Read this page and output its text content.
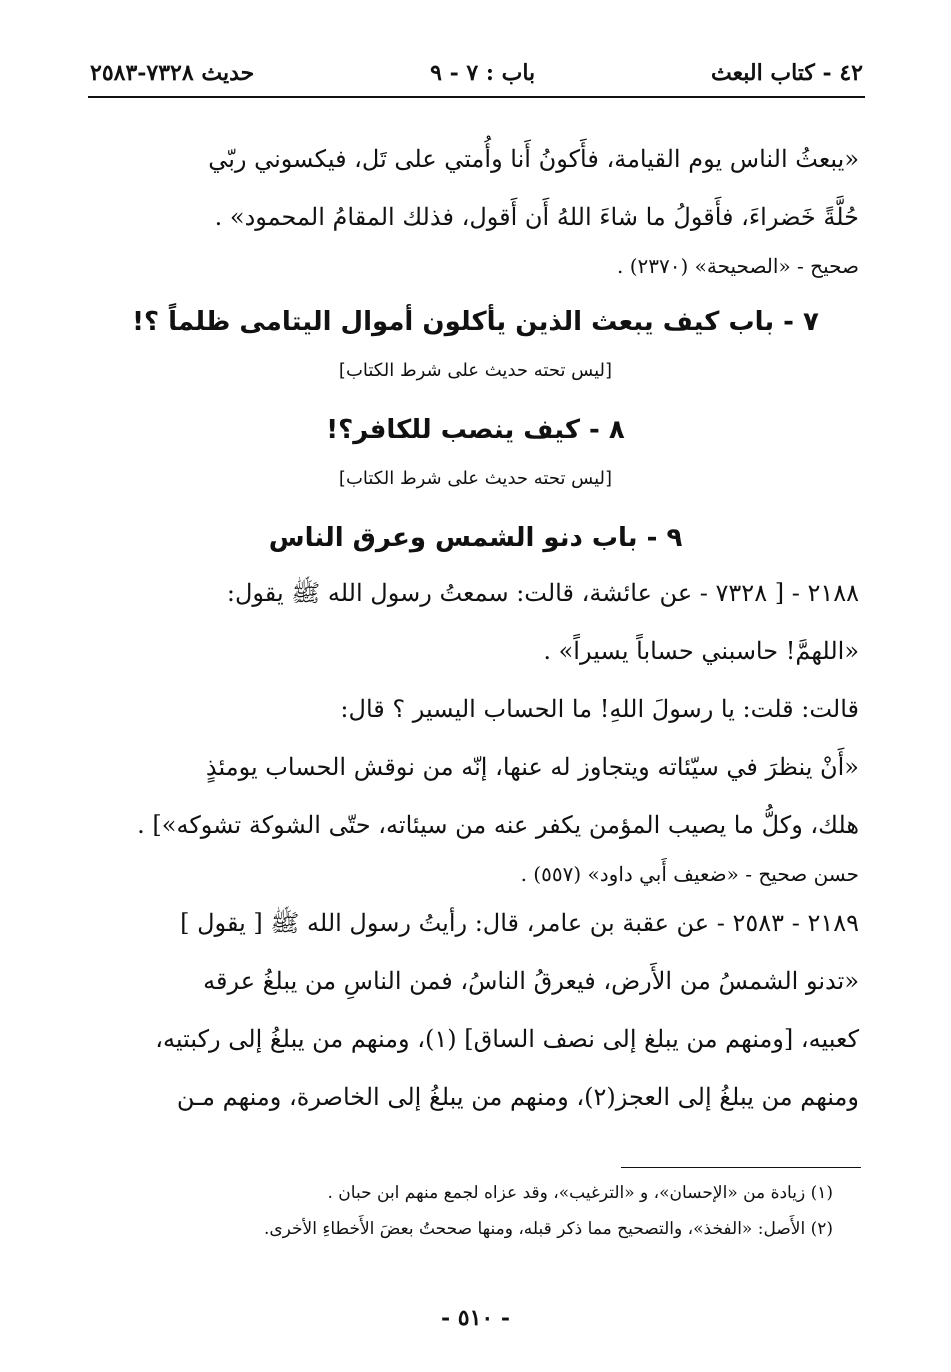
٤٢ - كتاب البعث
باب : ٧ - ٩
حديث ٧٣٢٨-٢٥٨٣

«يبعثُ الناس يوم القيامة، فأَكونُ أَنا وأُمتي على تَل، فيكسوني ربّي

حُلَّةً خَضراءَ، فأَقولُ ما شاءَ اللهُ أَن أَقول، فذلك المقامُ المحمود» .

صحيح - «الصحيحة» (٢٣٧٠) .

٧ - باب كيف يبعث الذين يأكلون أموال اليتامى ظلماً ؟!
[ليس تحته حديث على شرط الكتاب]
٨ - كيف ينصب للكافر؟!
[ليس تحته حديث على شرط الكتاب]
٩ - باب دنو الشمس وعرق الناس

٢١٨٨ - [ ٧٣٢٨ - عن عائشة، قالت: سمعتُ رسول الله ﷺ يقول:

«اللهمَّ! حاسبني حساباً يسيراً» .

قالت: قلت: يا رسولَ اللهِ! ما الحساب اليسير ؟ قال:

«أَنْ ينظرَ في سيّئاته ويتجاوز له عنها، إنّه من نوقش الحساب يومئذٍ

هلك، وكلُّ ما يصيب المؤمن يكفر عنه من سيئاته، حتّى الشوكة تشوكه»] .

حسن صحيح - «ضعيف أَبي داود» (٥٥٧) .

٢١٨٩ - ٢٥٨٣ - عن عقبة بن عامر، قال: رأيتُ رسول الله ﷺ [ يقول ]

«تدنو الشمسُ من الأَرض، فيعرقُ الناسُ، فمن الناسِ من يبلغُ عرقه

كعبيه، [ومنهم من يبلغ إلى نصف الساق] (١)، ومنهم من يبلغُ إلى ركبتيه،

ومنهم من يبلغُ إلى العجز(٢)، ومنهم من يبلغُ إلى الخاصرة، ومنهم مـن

(١) زيادة من «الإحسان»، و «الترغيب»، وقد عزاه لجمع منهم ابن حبان .

(٢) الأَصل: «الفخذ»، والتصحيح مما ذكر قبله، ومنها صححتُ بعضَ الأَخطاءِ الأخرى.

- ٥١٠ -
